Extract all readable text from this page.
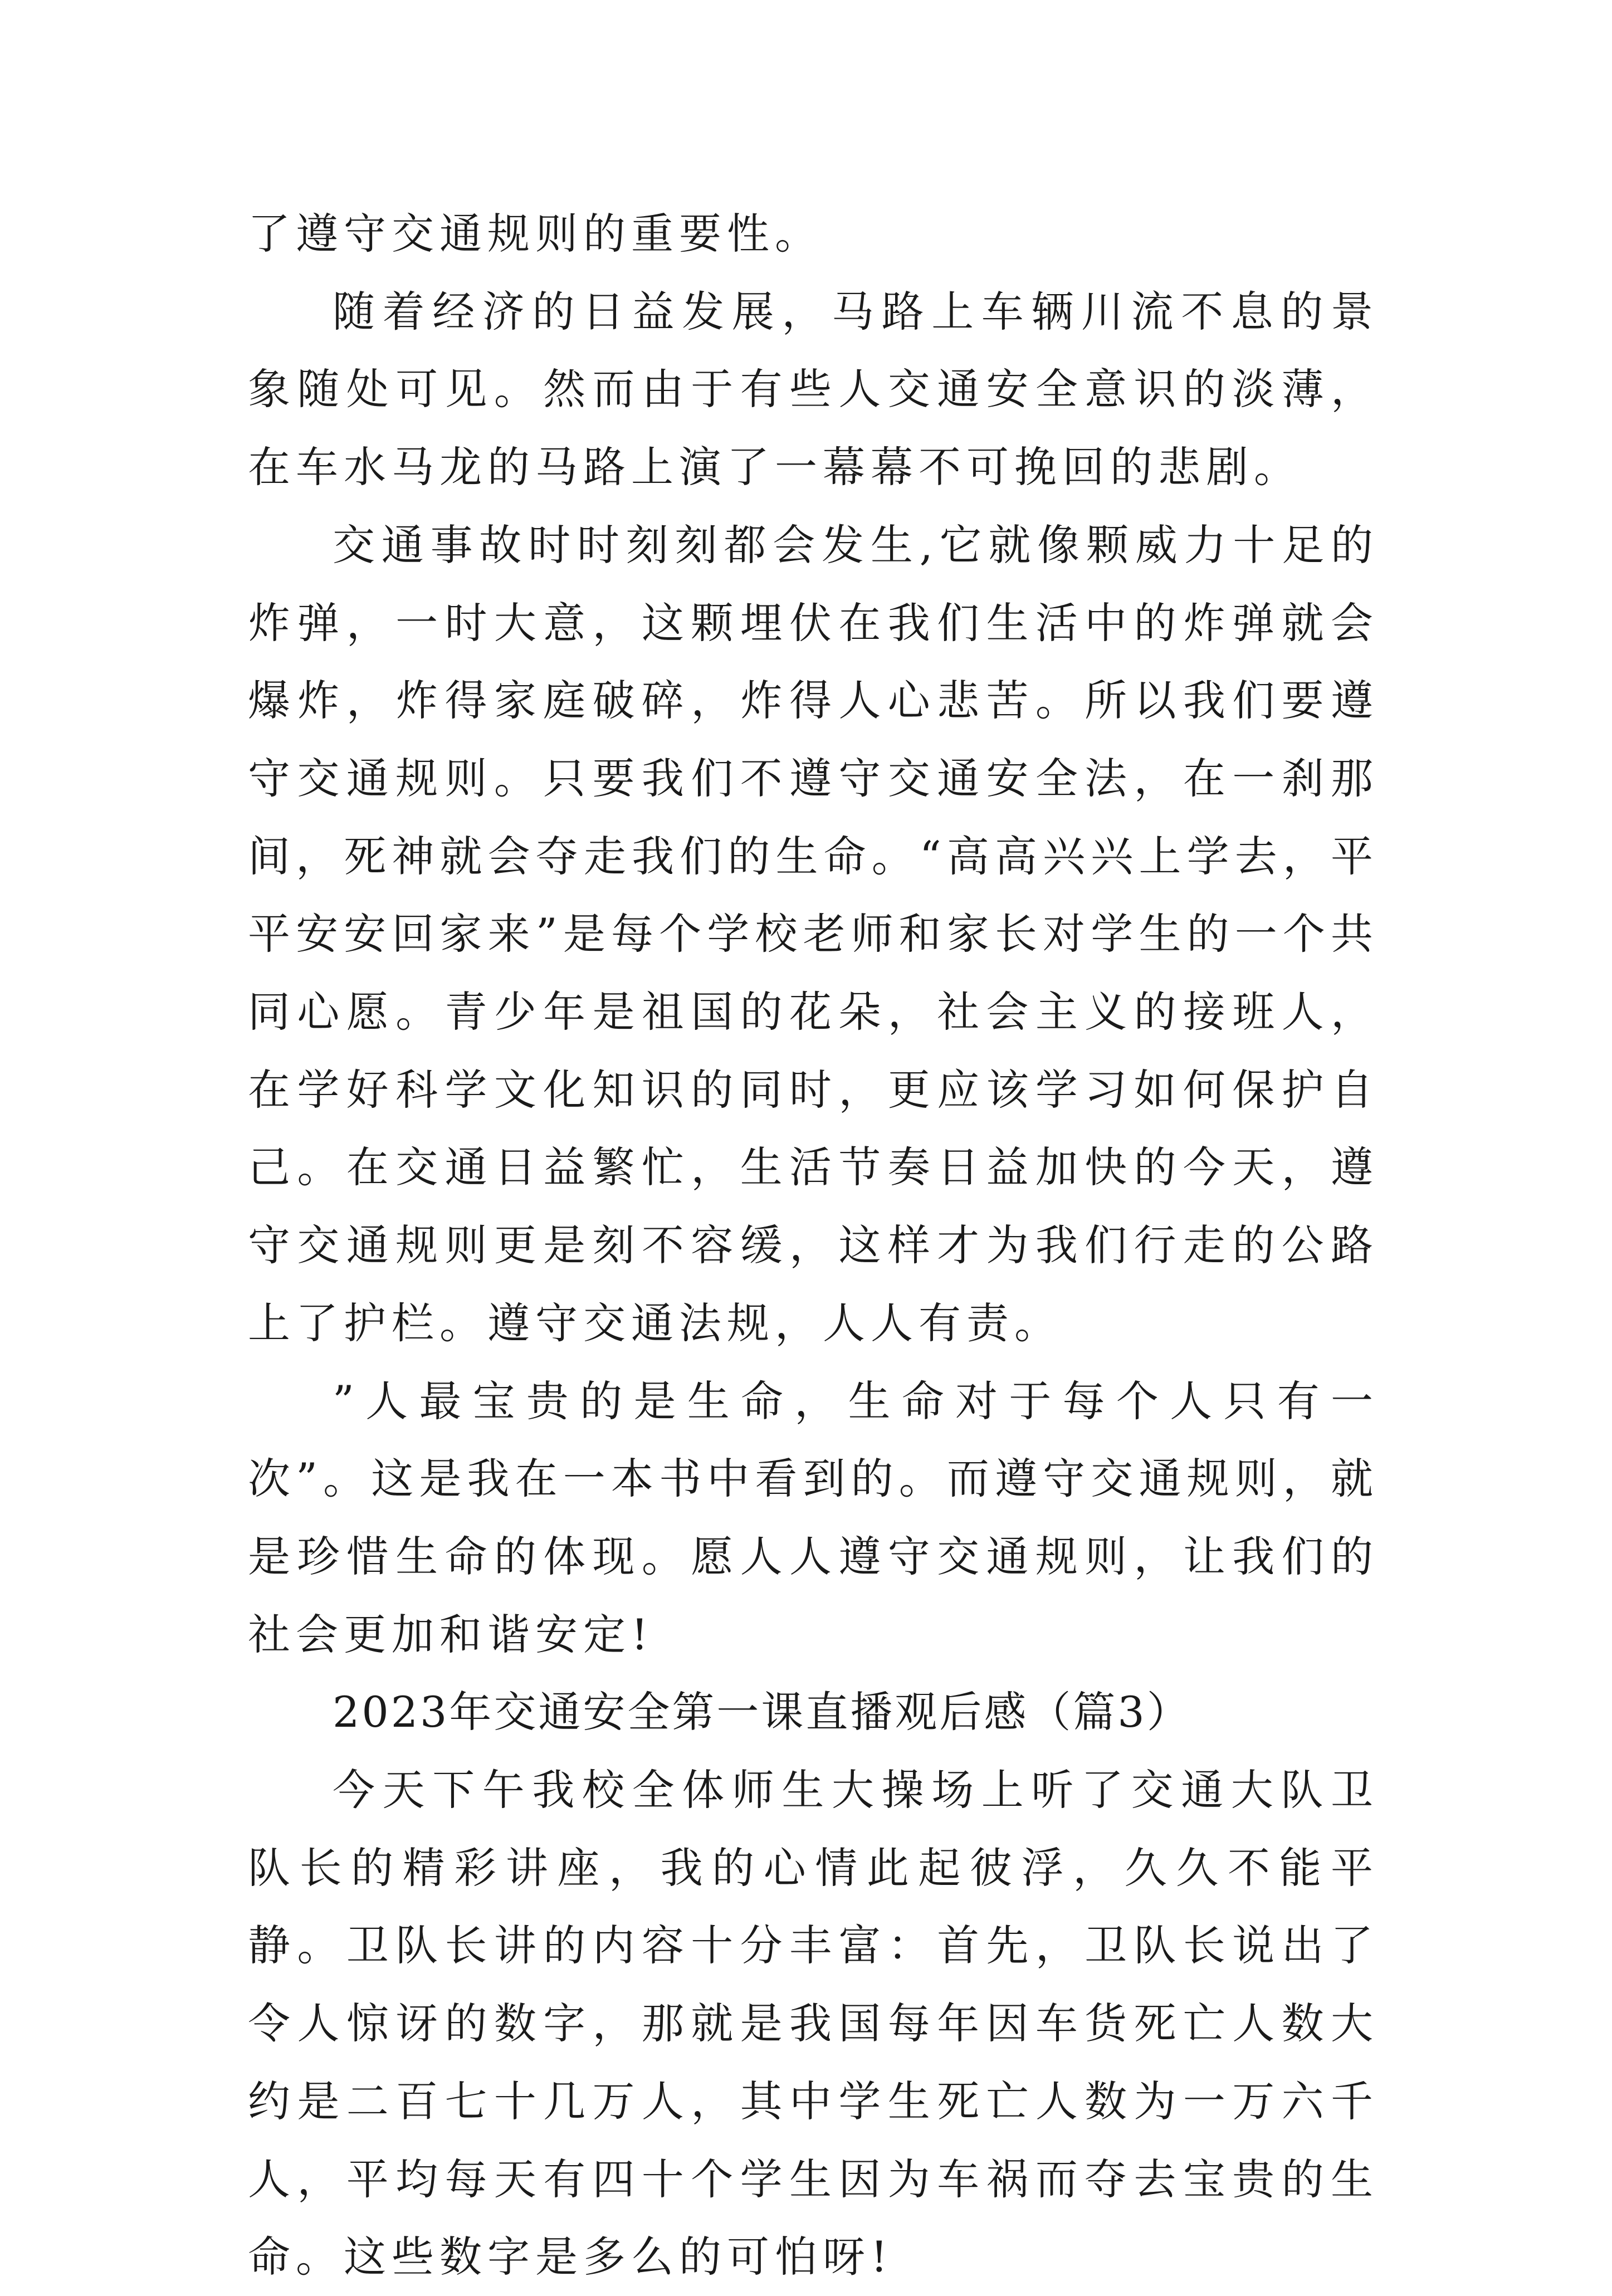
了遵守交通规则的重要性。

随着经济的日益发展，马路上车辆川流不息的景象随处可见。然而由于有些人交通安全意识的淡薄，在车水马龙的马路上演了一幕幕不可挽回的悲剧。

交通事故时时刻刻都会发生,它就像颗威力十足的炸弹，一时大意，这颗埋伏在我们生活中的炸弹就会爆炸，炸得家庭破碎，炸得人心悲苦。所以我们要遵守交通规则。只要我们不遵守交通安全法，在一刹那间，死神就会夺走我们的生命。“高高兴兴上学去，平平安安回家来”是每个学校老师和家长对学生的一个共同心愿。青少年是祖国的花朵，社会主义的接班人，在学好科学文化知识的同时，更应该学习如何保护自己。在交通日益繁忙，生活节奏日益加快的今天，遵守交通规则更是刻不容缓，这样才为我们行走的公路上了护栏。遵守交通法规，人人有责。

”人最宝贵的是生命，生命对于每个人只有一次”。这是我在一本书中看到的。而遵守交通规则，就是珍惜生命的体现。愿人人遵守交通规则，让我们的社会更加和谐安定!

2023年交通安全第一课直播观后感（篇3）

今天下午我校全体师生大操场上听了交通大队卫队长的精彩讲座，我的心情此起彼浮，久久不能平静。卫队长讲的内容十分丰富：首先，卫队长说出了令人惊讶的数字，那就是我国每年因车货死亡人数大约是二百七十几万人，其中学生死亡人数为一万六千人，平均每天有四十个学生因为车祸而夺去宝贵的生命。这些数字是多么的可怕呀!
